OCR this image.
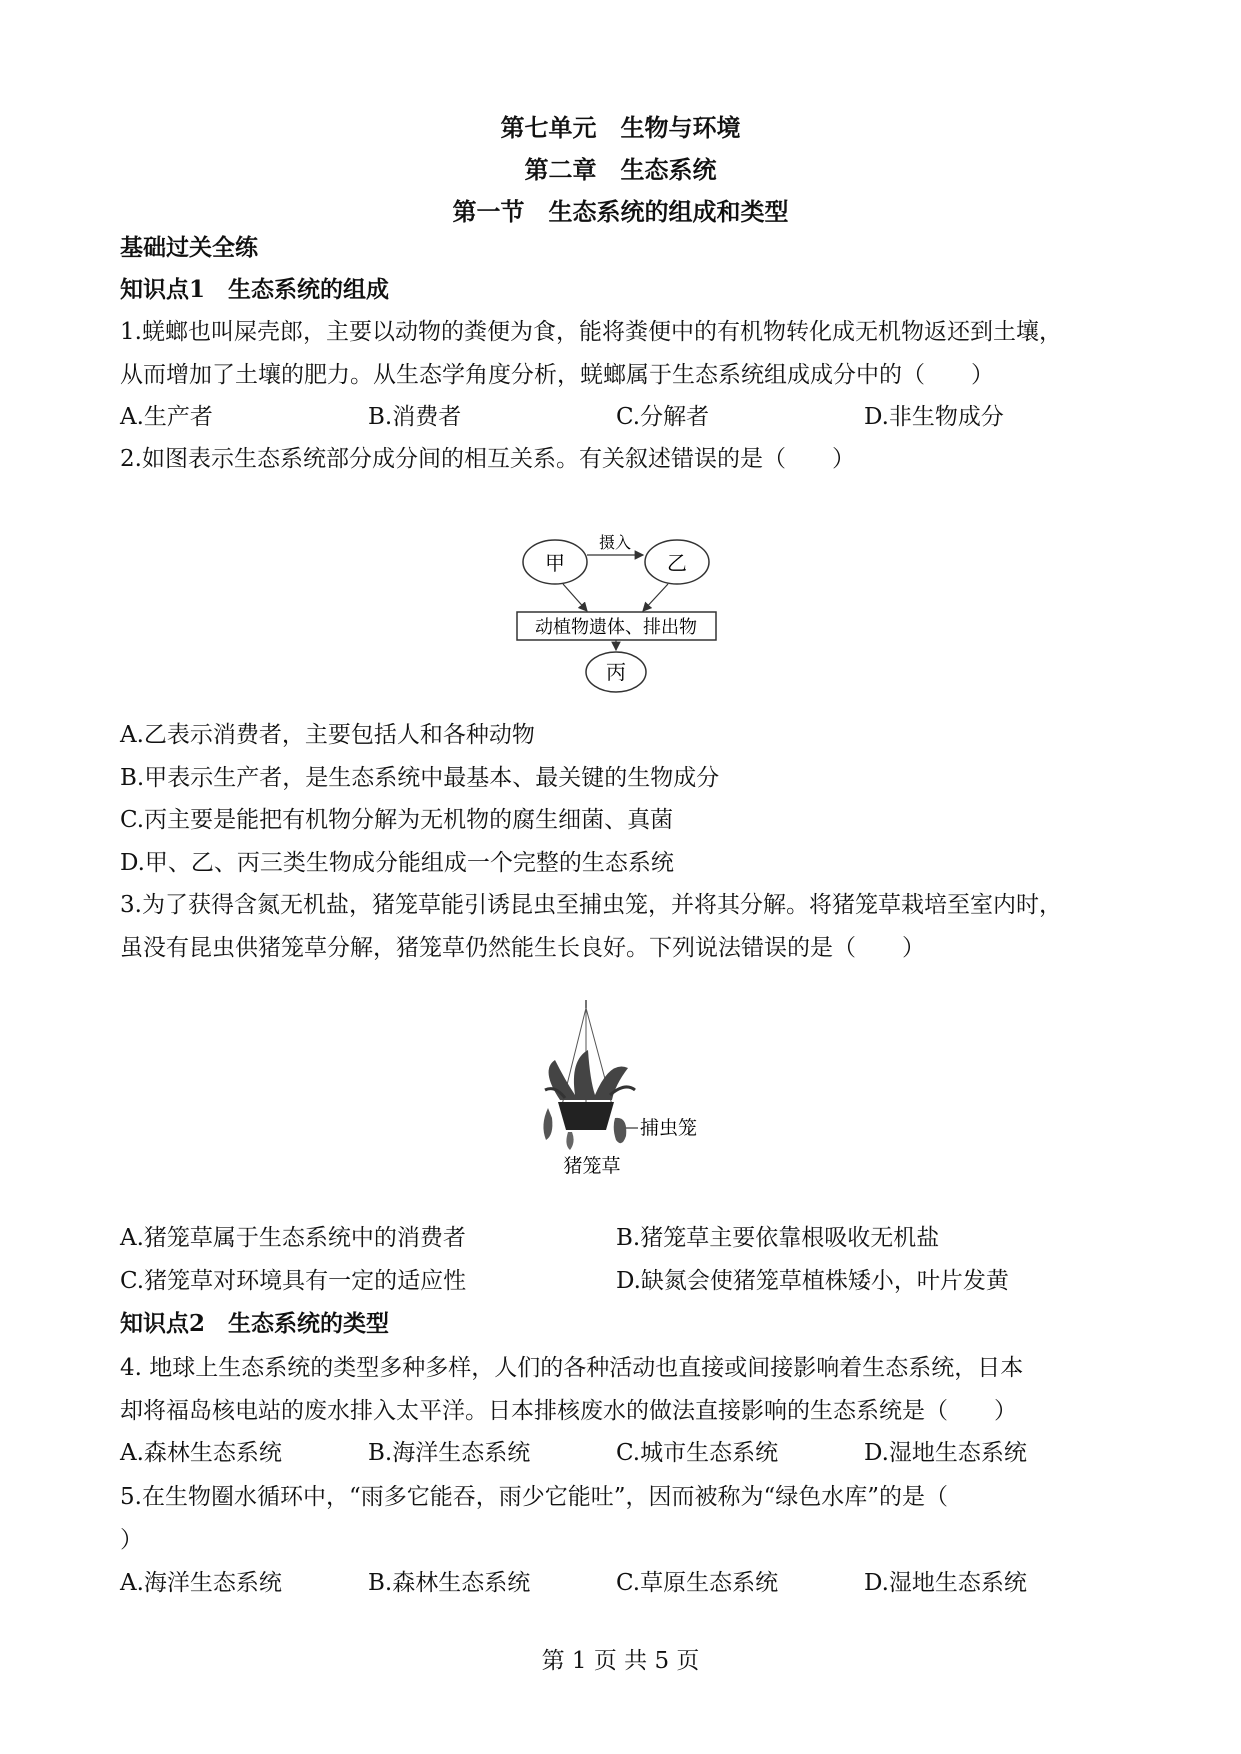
第七单元　生物与环境
第二章　生态系统
第一节　生态系统的组成和类型
基础过关全练
知识点1　生态系统的组成
1.蜣螂也叫屎壳郎，主要以动物的粪便为食，能将粪便中的有机物转化成无机物返还到土壤，
从而增加了土壤的肥力。从生态学角度分析，蜣螂属于生态系统组成成分中的（　　）
A.生产者	B.消费者	C.分解者	D.非生物成分
2.如图表示生态系统部分成分间的相互关系。有关叙述错误的是（　　）
甲	乙
摄入
动植物遗体、排出物
丙
A.乙表示消费者，主要包括人和各种动物
B.甲表示生产者，是生态系统中最基本、最关键的生物成分
C.丙主要是能把有机物分解为无机物的腐生细菌、真菌
D.甲、乙、丙三类生物成分能组成一个完整的生态系统
3.为了获得含氮无机盐，猪笼草能引诱昆虫至捕虫笼，并将其分解。将猪笼草栽培至室内时，
虽没有昆虫供猪笼草分解，猪笼草仍然能生长良好。下列说法错误的是（　　）
捕虫笼
猪笼草
A.猪笼草属于生态系统中的消费者	B.猪笼草主要依靠根吸收无机盐
C.猪笼草对环境具有一定的适应性	D.缺氮会使猪笼草植株矮小，叶片发黄
知识点2　生态系统的类型
4. 地球上生态系统的类型多种多样，人们的各种活动也直接或间接影响着生态系统，日本
却将福岛核电站的废水排入太平洋。日本排核废水的做法直接影响的生态系统是（　　）
A.森林生态系统	B.海洋生态系统	C.城市生态系统	D.湿地生态系统
5.在生物圈水循环中，“雨多它能吞，雨少它能吐”，因而被称为“绿色水库”的是（
）
A.海洋生态系统	B.森林生态系统	C.草原生态系统	D.湿地生态系统
第 1 页 共 5 页
